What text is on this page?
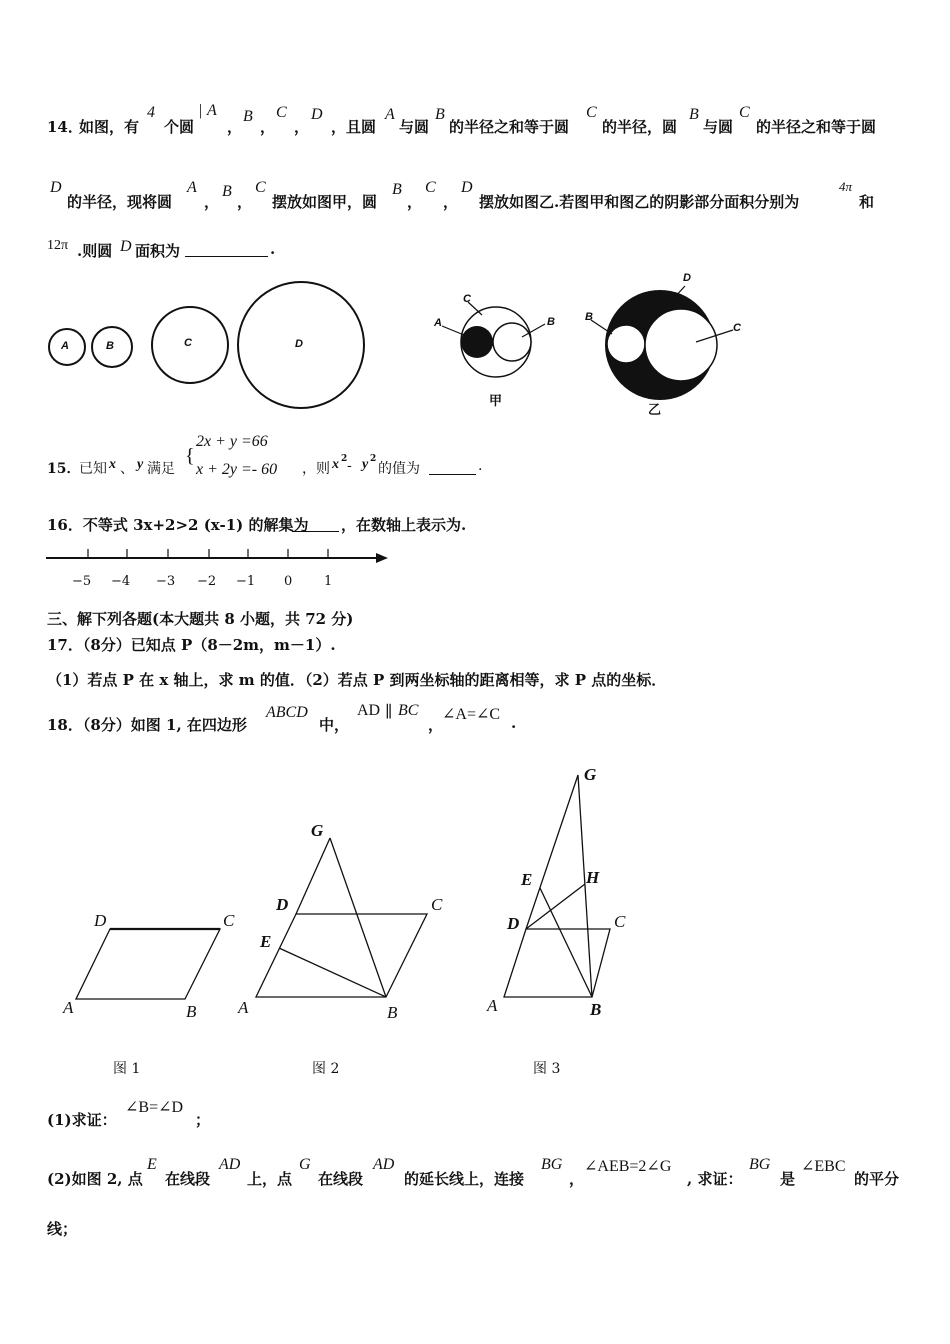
14．
如图，有
4
个圆
| A
，
B
，
C
，
D
，且圆
A
与圆
B
的半径之和等于圆
C
的半径，圆
B
与圆
C
的半径之和等于圆
D
的半径，现将圆
A
，
B
，
C
摆放如图甲，圆
B
，
C
，
D
摆放如图乙.若图甲和图乙的阴影部分面积分别为
4π
和
12π .则圆 D 面积为	.
A	B	C	D
A
C
B
甲
B
D
C
乙
15．
已知 x 、 y 满足
{
2x + y =66
x + 2y =- 60 ，则 x 2 - y 2
的值为	.
16．不等式 3x+2>2 (x-1) 的解集为 ，在数轴上表示为.
−5 −4 −3 −2 −1 0 1
三、解下列各题(本大题共 8 小题，共 72 分)
17．（8分）已知点 P（8－2m，m－1）.
（1）若点 P 在 x 轴上，求 m 的值．（2）若点 P 到两坐标轴的距离相等，求 P 点的坐标．
18．（8分）如图 1, 在四边形
ABCD
中，
AD ∥ BC
，
∠A=∠C .
D	C
A	B
图 1
G
D	C
E
A	B
图 2
G
E	H
D	C
A	B
图 3
(1)求证：
∠B=∠D
；
(2)如图 2, 点
E
在线段
AD
上，点
G
在线段
AD
的延长线上，连接
BG
，
∠AEB=2∠G
, 求证：
BG
是
∠EBC
的平分
线；
